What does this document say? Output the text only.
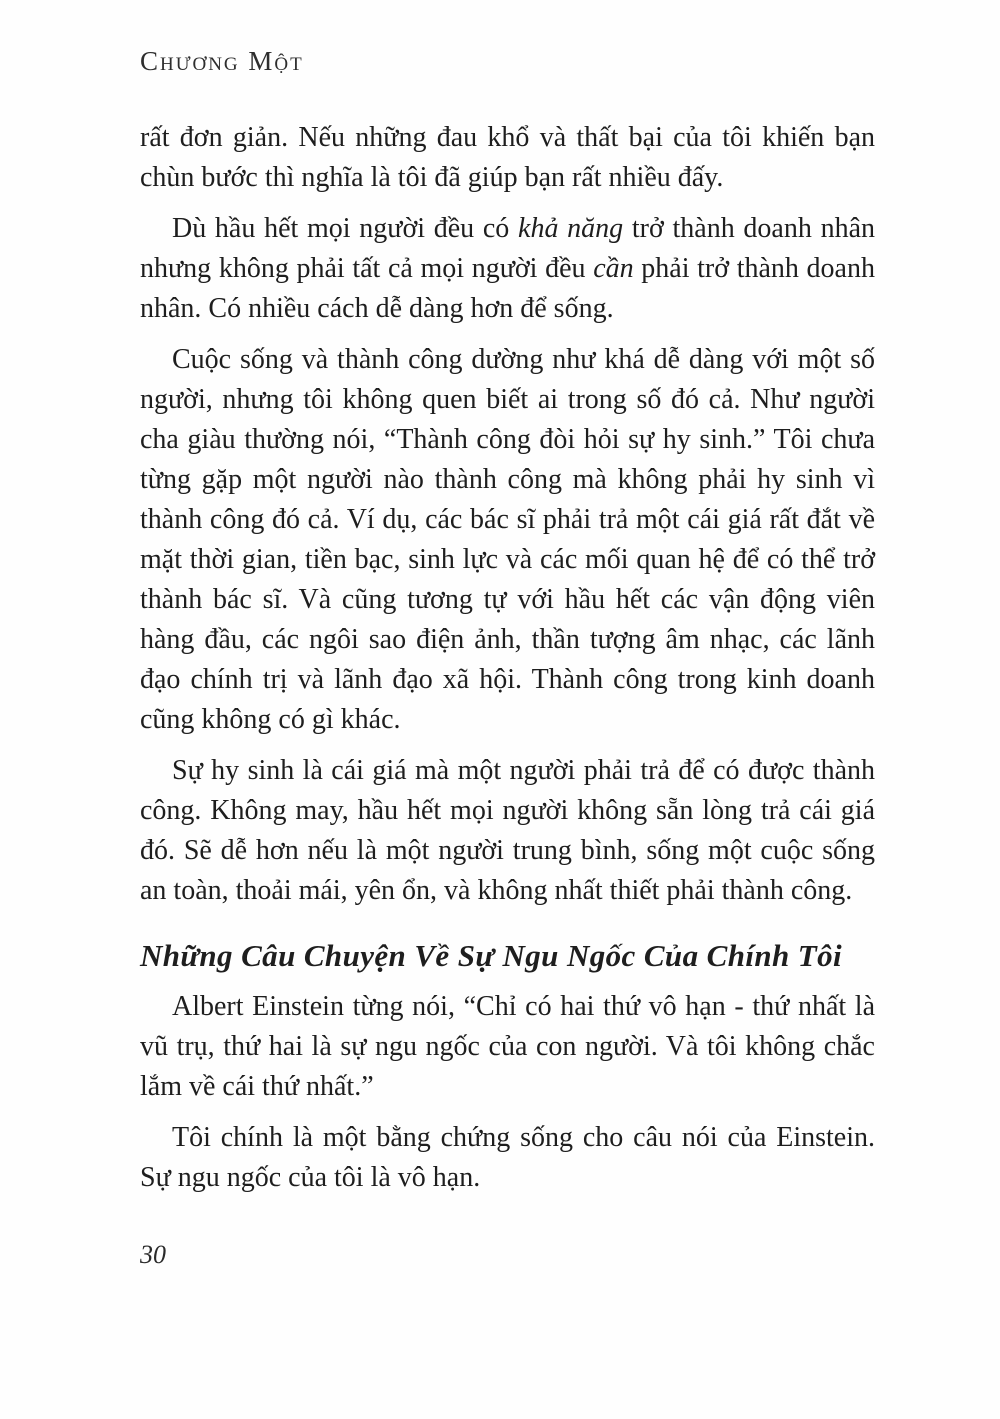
Chương Một

rất đơn giản. Nếu những đau khổ và thất bại của tôi khiến bạn chùn bước thì nghĩa là tôi đã giúp bạn rất nhiều đấy.

Dù hầu hết mọi người đều có khả năng trở thành doanh nhân nhưng không phải tất cả mọi người đều cần phải trở thành doanh nhân. Có nhiều cách dễ dàng hơn để sống.

Cuộc sống và thành công dường như khá dễ dàng với một số người, nhưng tôi không quen biết ai trong số đó cả. Như người cha giàu thường nói, “Thành công đòi hỏi sự hy sinh.” Tôi chưa từng gặp một người nào thành công mà không phải hy sinh vì thành công đó cả. Ví dụ, các bác sĩ phải trả một cái giá rất đắt về mặt thời gian, tiền bạc, sinh lực và các mối quan hệ để có thể trở thành bác sĩ. Và cũng tương tự với hầu hết các vận động viên hàng đầu, các ngôi sao điện ảnh, thần tượng âm nhạc, các lãnh đạo chính trị và lãnh đạo xã hội. Thành công trong kinh doanh cũng không có gì khác.

Sự hy sinh là cái giá mà một người phải trả để có được thành công. Không may, hầu hết mọi người không sẵn lòng trả cái giá đó. Sẽ dễ hơn nếu là một người trung bình, sống một cuộc sống an toàn, thoải mái, yên ổn, và không nhất thiết phải thành công.

Những Câu Chuyện Về Sự Ngu Ngốc Của Chính Tôi

Albert Einstein từng nói, “Chỉ có hai thứ vô hạn - thứ nhất là vũ trụ, thứ hai là sự ngu ngốc của con người. Và tôi không chắc lắm về cái thứ nhất.”

Tôi chính là một bằng chứng sống cho câu nói của Einstein. Sự ngu ngốc của tôi là vô hạn.

30
